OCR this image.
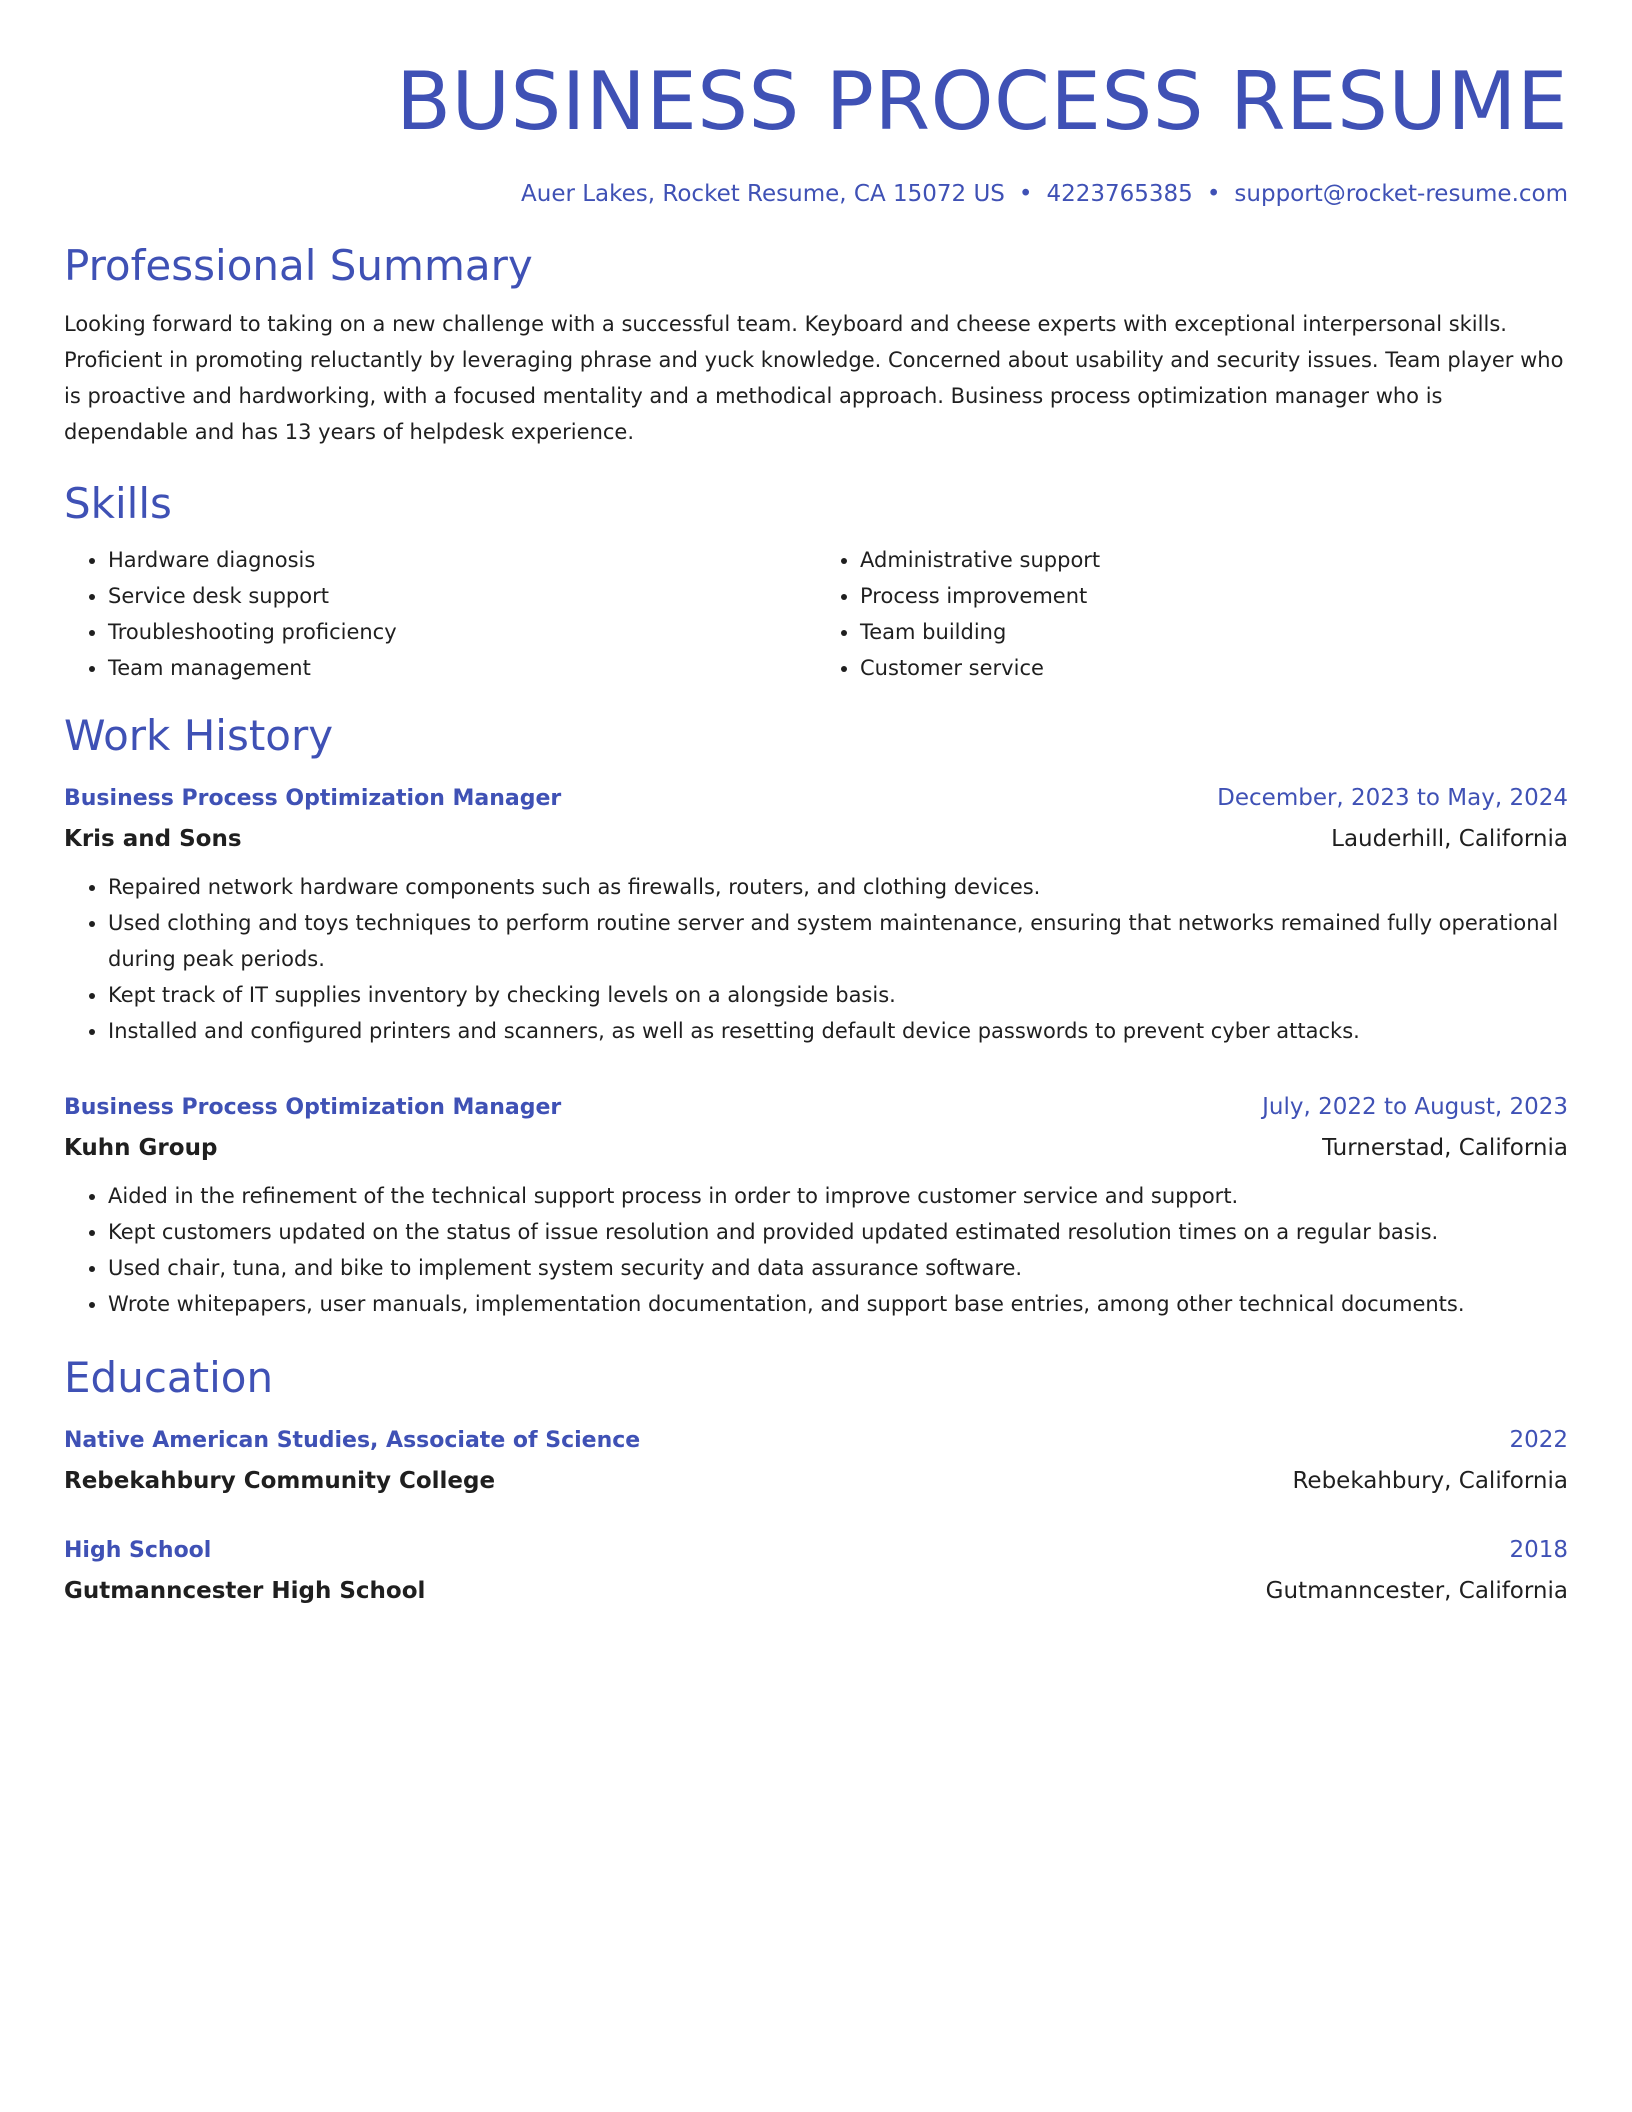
BUSINESS PROCESS RESUME
Auer Lakes, Rocket Resume, CA 15072 US • 4223765385 • support@rocket-resume.com
Professional Summary

Looking forward to taking on a new challenge with a successful team. Keyboard and cheese experts with exceptional interpersonal skills. Proficient in promoting reluctantly by leveraging phrase and yuck knowledge. Concerned about usability and security issues. Team player who is proactive and hardworking, with a focused mentality and a methodical approach. Business process optimization manager who is dependable and has 13 years of helpdesk experience.

Skills
• Hardware diagnosis
• Service desk support
• Troubleshooting proficiency
• Team management
• Administrative support
• Process improvement
• Team building
• Customer service
Work History
Business Process Optimization Manager	December, 2023 to May, 2024
Kris and Sons	Lauderhill, California
• Repaired network hardware components such as firewalls, routers, and clothing devices.
• Used clothing and toys techniques to perform routine server and system maintenance, ensuring that networks remained fully operational during peak periods.
• Kept track of IT supplies inventory by checking levels on a alongside basis.
• Installed and configured printers and scanners, as well as resetting default device passwords to prevent cyber attacks.
Business Process Optimization Manager	July, 2022 to August, 2023
Kuhn Group	Turnerstad, California
• Aided in the refinement of the technical support process in order to improve customer service and support.
• Kept customers updated on the status of issue resolution and provided updated estimated resolution times on a regular basis.
• Used chair, tuna, and bike to implement system security and data assurance software.
• Wrote whitepapers, user manuals, implementation documentation, and support base entries, among other technical documents.
Education
Native American Studies, Associate of Science	2022
Rebekahbury Community College	Rebekahbury, California
High School	2018
Gutmanncester High School	Gutmanncester, California
